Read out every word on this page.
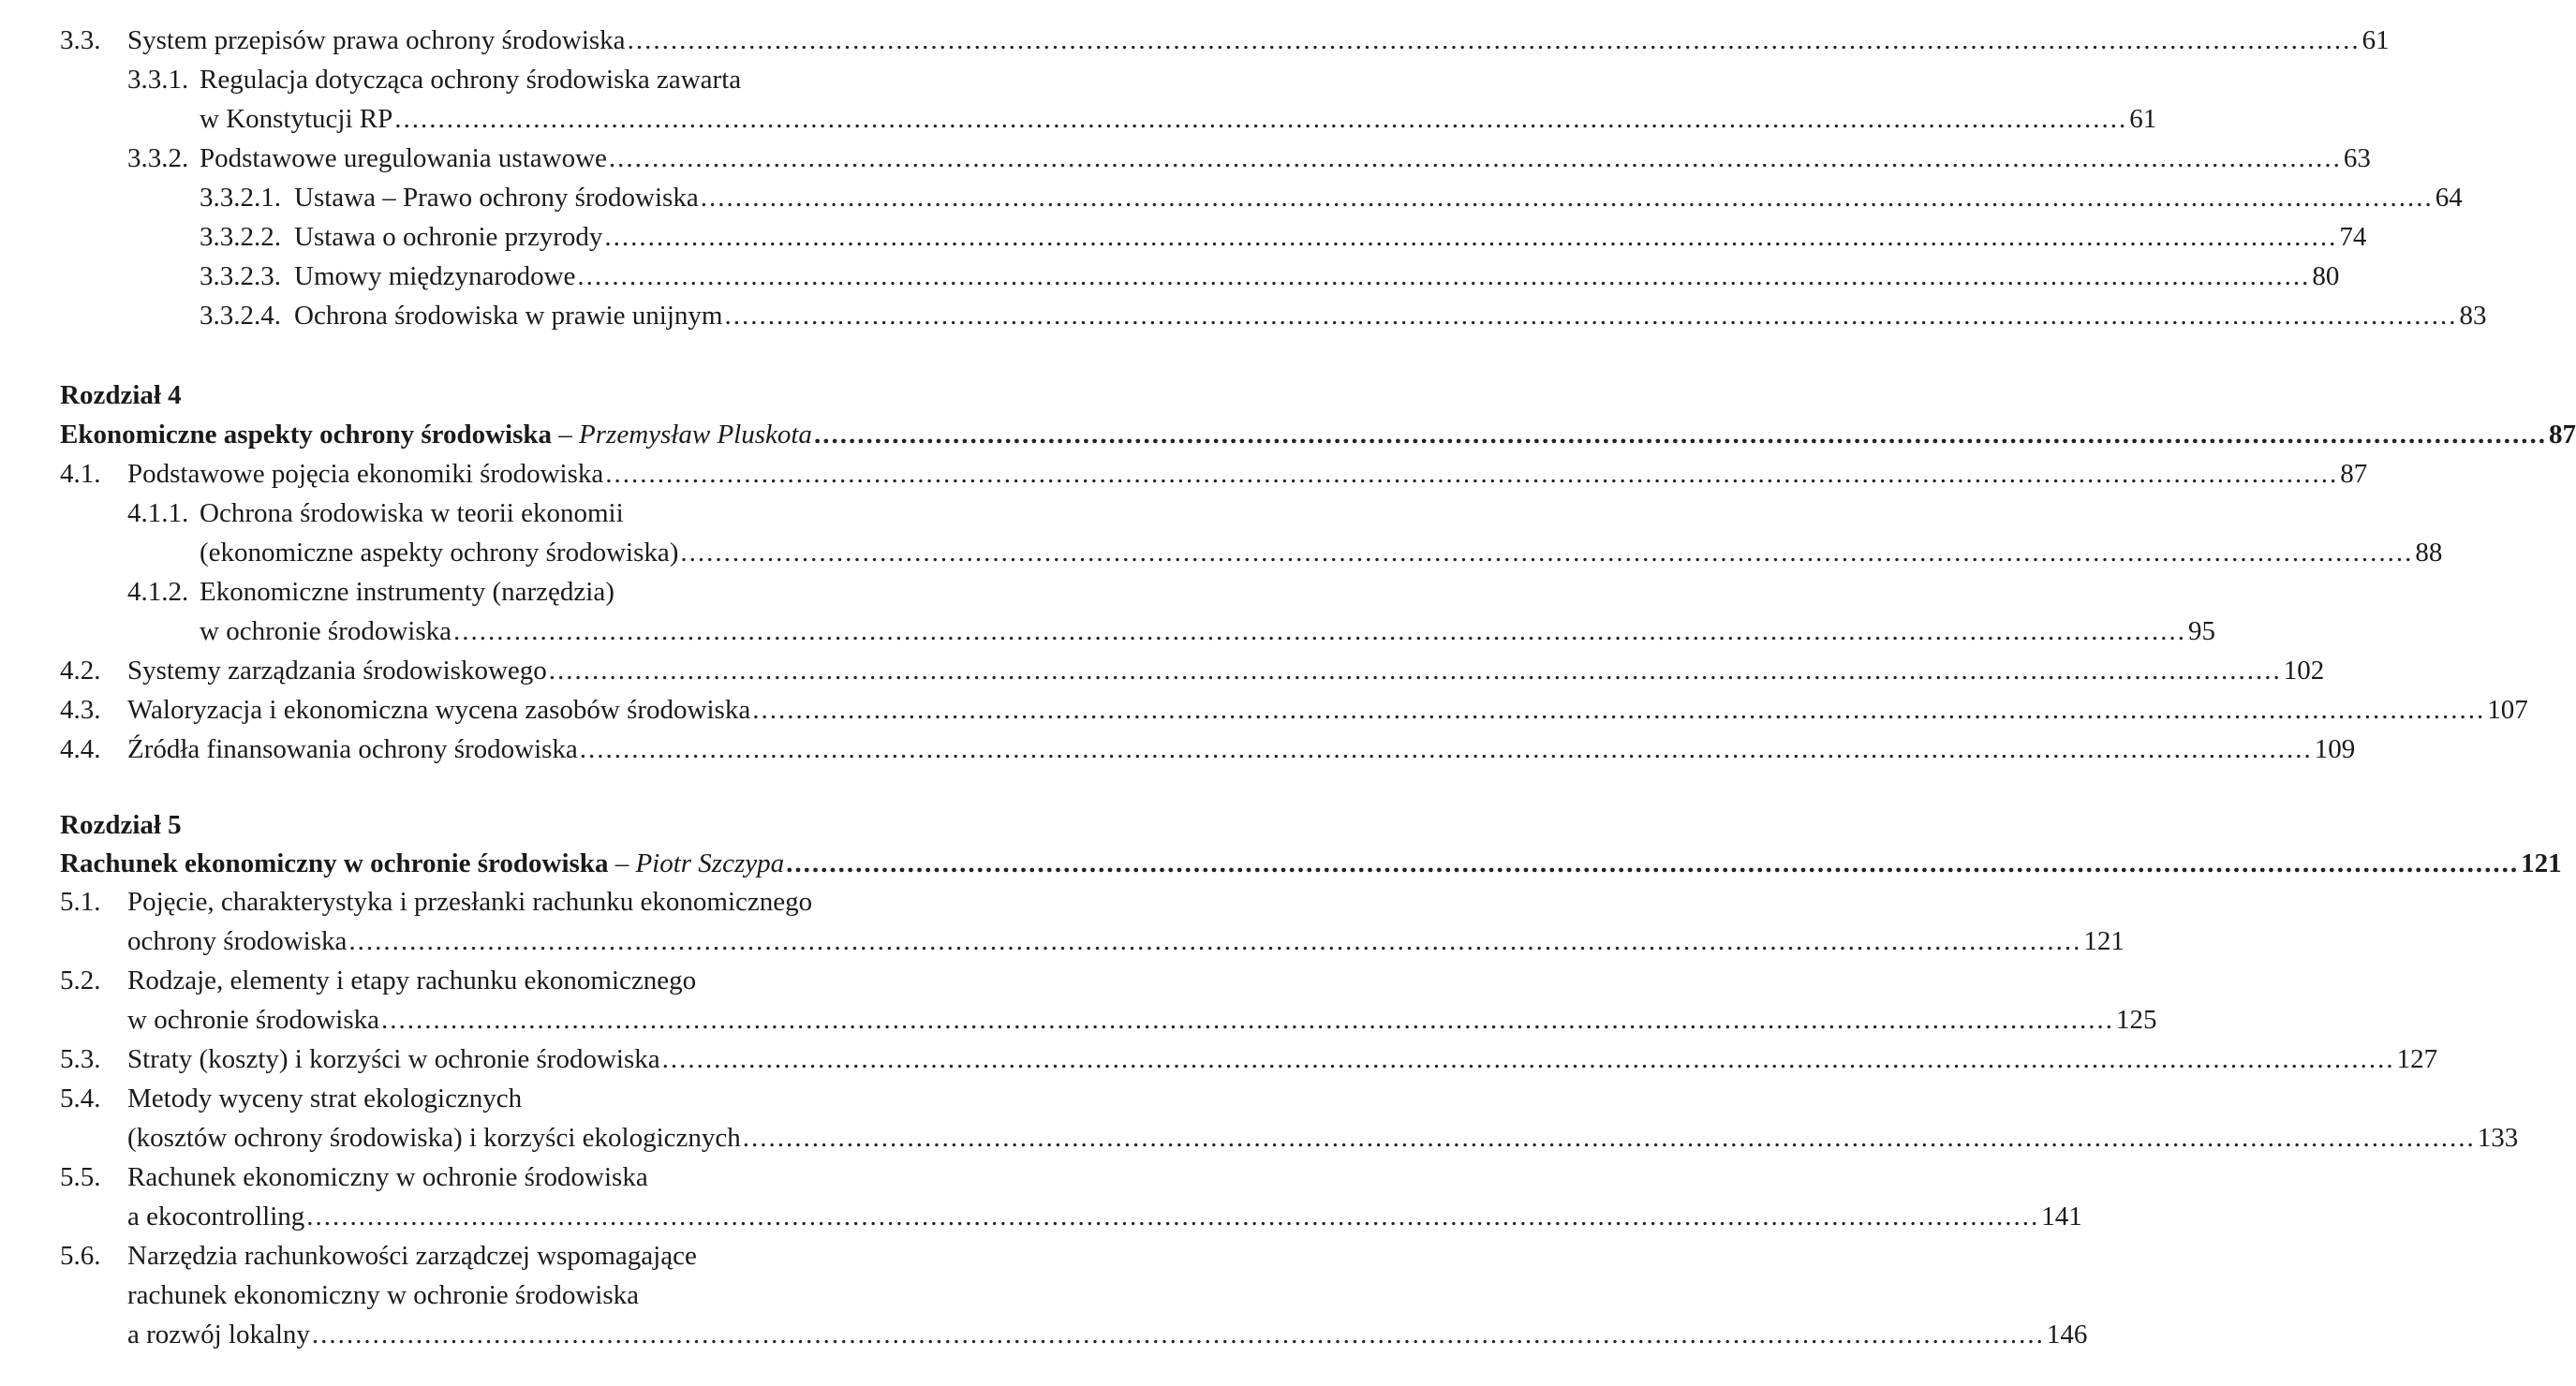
3.3. System przepisów prawa ochrony środowiska ........................................................................................................................................................................................................ 61
3.3.1. Regulacja dotycząca ochrony środowiska zawarta
w Konstytucji RP ........................................................................................................................................................................................................ 61
3.3.2. Podstawowe uregulowania ustawowe ........................................................................................................................................................................................................ 63
3.3.2.1. Ustawa – Prawo ochrony środowiska ........................................................................................................................................................................................................ 64
3.3.2.2. Ustawa o ochronie przyrody ........................................................................................................................................................................................................ 74
3.3.2.3. Umowy międzynarodowe ........................................................................................................................................................................................................ 80
3.3.2.4. Ochrona środowiska w prawie unijnym ........................................................................................................................................................................................................ 83
Rozdział 4
Ekonomiczne aspekty ochrony środowiska – Przemysław Pluskota ........................................................................................................................................................................................................ 87
4.1. Podstawowe pojęcia ekonomiki środowiska ........................................................................................................................................................................................................ 87
4.1.1. Ochrona środowiska w teorii ekonomii
(ekonomiczne aspekty ochrony środowiska) ........................................................................................................................................................................................................ 88
4.1.2. Ekonomiczne instrumenty (narzędzia)
w ochronie środowiska ........................................................................................................................................................................................................ 95
4.2. Systemy zarządzania środowiskowego ........................................................................................................................................................................................................ 102
4.3. Waloryzacja i ekonomiczna wycena zasobów środowiska ........................................................................................................................................................................................................ 107
4.4. Źródła finansowania ochrony środowiska ........................................................................................................................................................................................................ 109
Rozdział 5
Rachunek ekonomiczny w ochronie środowiska – Piotr Szczypa ........................................................................................................................................................................................................ 121
5.1. Pojęcie, charakterystyka i przesłanki rachunku ekonomicznego
ochrony środowiska ........................................................................................................................................................................................................ 121
5.2. Rodzaje, elementy i etapy rachunku ekonomicznego
w ochronie środowiska ........................................................................................................................................................................................................ 125
5.3. Straty (koszty) i korzyści w ochronie środowiska ........................................................................................................................................................................................................ 127
5.4. Metody wyceny strat ekologicznych
(kosztów ochrony środowiska) i korzyści ekologicznych ........................................................................................................................................................................................................ 133
5.5. Rachunek ekonomiczny w ochronie środowiska
a ekocontrolling ........................................................................................................................................................................................................ 141
5.6. Narzędzia rachunkowości zarządczej wspomagające
rachunek ekonomiczny w ochronie środowiska
a rozwój lokalny ........................................................................................................................................................................................................ 146
